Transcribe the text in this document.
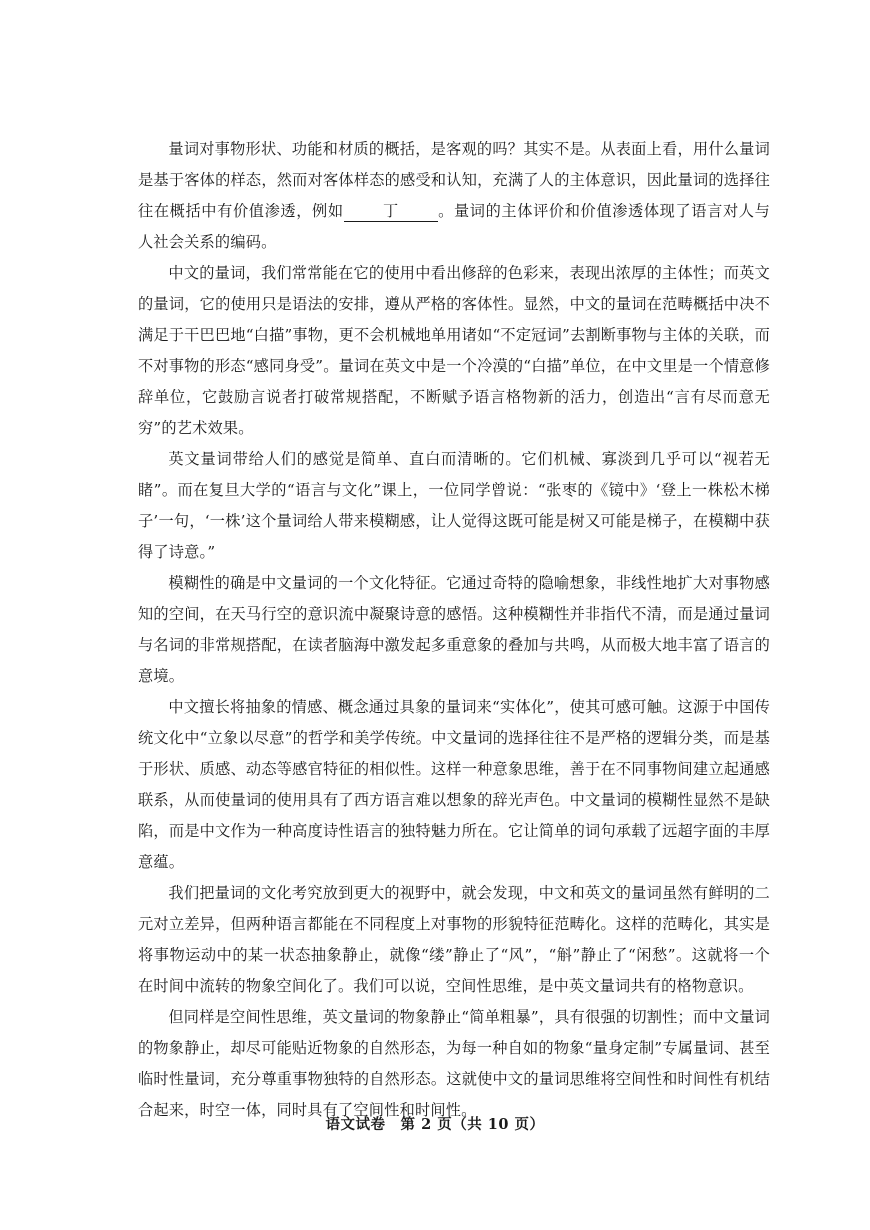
量词对事物形状、功能和材质的概括，是客观的吗？其实不是。从表面上看，用什么量词是基于客体的样态，然而对客体样态的感受和认知，充满了人的主体意识，因此量词的选择往往在概括中有价值渗透，例如	丁	。量词的主体评价和价值渗透体现了语言对人与人社会关系的编码。

中文的量词，我们常常能在它的使用中看出修辞的色彩来，表现出浓厚的主体性；而英文的量词，它的使用只是语法的安排，遵从严格的客体性。显然，中文的量词在范畴概括中决不满足于干巴巴地“白描”事物，更不会机械地单用诸如“不定冠词”去割断事物与主体的关联，而不对事物的形态“感同身受”。量词在英文中是一个冷漠的“白描”单位，在中文里是一个情意修辞单位，它鼓励言说者打破常规搭配，不断赋予语言格物新的活力，创造出“言有尽而意无穷”的艺术效果。

英文量词带给人们的感觉是简单、直白而清晰的。它们机械、寡淡到几乎可以“视若无睹”。而在复旦大学的“语言与文化”课上，一位同学曾说：“张枣的《镜中》‘登上一株松木梯子’一句，‘一株’这个量词给人带来模糊感，让人觉得这既可能是树又可能是梯子，在模糊中获得了诗意。”

模糊性的确是中文量词的一个文化特征。它通过奇特的隐喻想象，非线性地扩大对事物感知的空间，在天马行空的意识流中凝聚诗意的感悟。这种模糊性并非指代不清，而是通过量词与名词的非常规搭配，在读者脑海中激发起多重意象的叠加与共鸣，从而极大地丰富了语言的意境。

中文擅长将抽象的情感、概念通过具象的量词来“实体化”，使其可感可触。这源于中国传统文化中“立象以尽意”的哲学和美学传统。中文量词的选择往往不是严格的逻辑分类，而是基于形状、质感、动态等感官特征的相似性。这样一种意象思维，善于在不同事物间建立起通感联系，从而使量词的使用具有了西方语言难以想象的辞光声色。中文量词的模糊性显然不是缺陷，而是中文作为一种高度诗性语言的独特魅力所在。它让简单的词句承载了远超字面的丰厚意蕴。

我们把量词的文化考究放到更大的视野中，就会发现，中文和英文的量词虽然有鲜明的二元对立差异，但两种语言都能在不同程度上对事物的形貌特征范畴化。这样的范畴化，其实是将事物运动中的某一状态抽象静止，就像“缕”静止了“风”，“斛”静止了“闲愁”。这就将一个在时间中流转的物象空间化了。我们可以说，空间性思维，是中英文量词共有的格物意识。

但同样是空间性思维，英文量词的物象静止“简单粗暴”，具有很强的切割性；而中文量词的物象静止，却尽可能贴近物象的自然形态，为每一种自如的物象“量身定制”专属量词、甚至临时性量词，充分尊重事物独特的自然形态。这就使中文的量词思维将空间性和时间性有机结合起来，时空一体，同时具有了空间性和时间性。

语文试卷　第 2 页（共 10 页）
